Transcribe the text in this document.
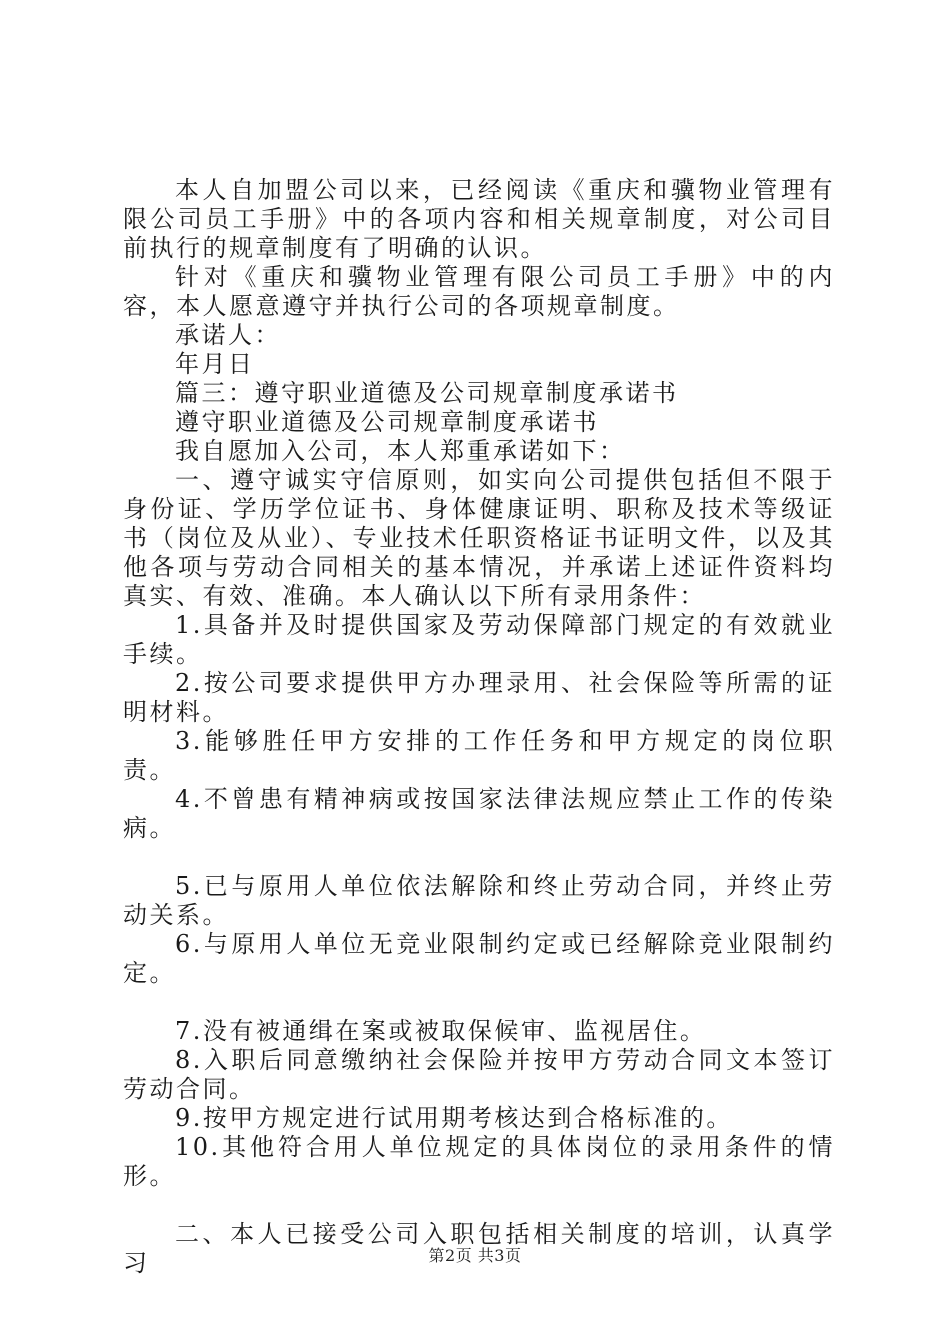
本人自加盟公司以来，已经阅读《重庆和骥物业管理有限公司员工手册》中的各项内容和相关规章制度，对公司目前执行的规章制度有了明确的认识。

针对《重庆和骥物业管理有限公司员工手册》中的内容，本人愿意遵守并执行公司的各项规章制度。

承诺人：

年月日

篇三：遵守职业道德及公司规章制度承诺书

遵守职业道德及公司规章制度承诺书

我自愿加入公司，本人郑重承诺如下：

一、遵守诚实守信原则，如实向公司提供包括但不限于身份证、学历学位证书、身体健康证明、职称及技术等级证书（岗位及从业）、专业技术任职资格证书证明文件，以及其他各项与劳动合同相关的基本情况，并承诺上述证件资料均真实、有效、准确。本人确认以下所有录用条件：

1.具备并及时提供国家及劳动保障部门规定的有效就业手续。

2.按公司要求提供甲方办理录用、社会保险等所需的证明材料。

3.能够胜任甲方安排的工作任务和甲方规定的岗位职责。

4.不曾患有精神病或按国家法律法规应禁止工作的传染病。

5.已与原用人单位依法解除和终止劳动合同，并终止劳动关系。

6.与原用人单位无竞业限制约定或已经解除竞业限制约定。

7.没有被通缉在案或被取保候审、监视居住。

8.入职后同意缴纳社会保险并按甲方劳动合同文本签订劳动合同。

9.按甲方规定进行试用期考核达到合格标准的。

10.其他符合用人单位规定的具体岗位的录用条件的情形。

二、本人已接受公司入职包括相关制度的培训，认真学习	第2页 共3页
